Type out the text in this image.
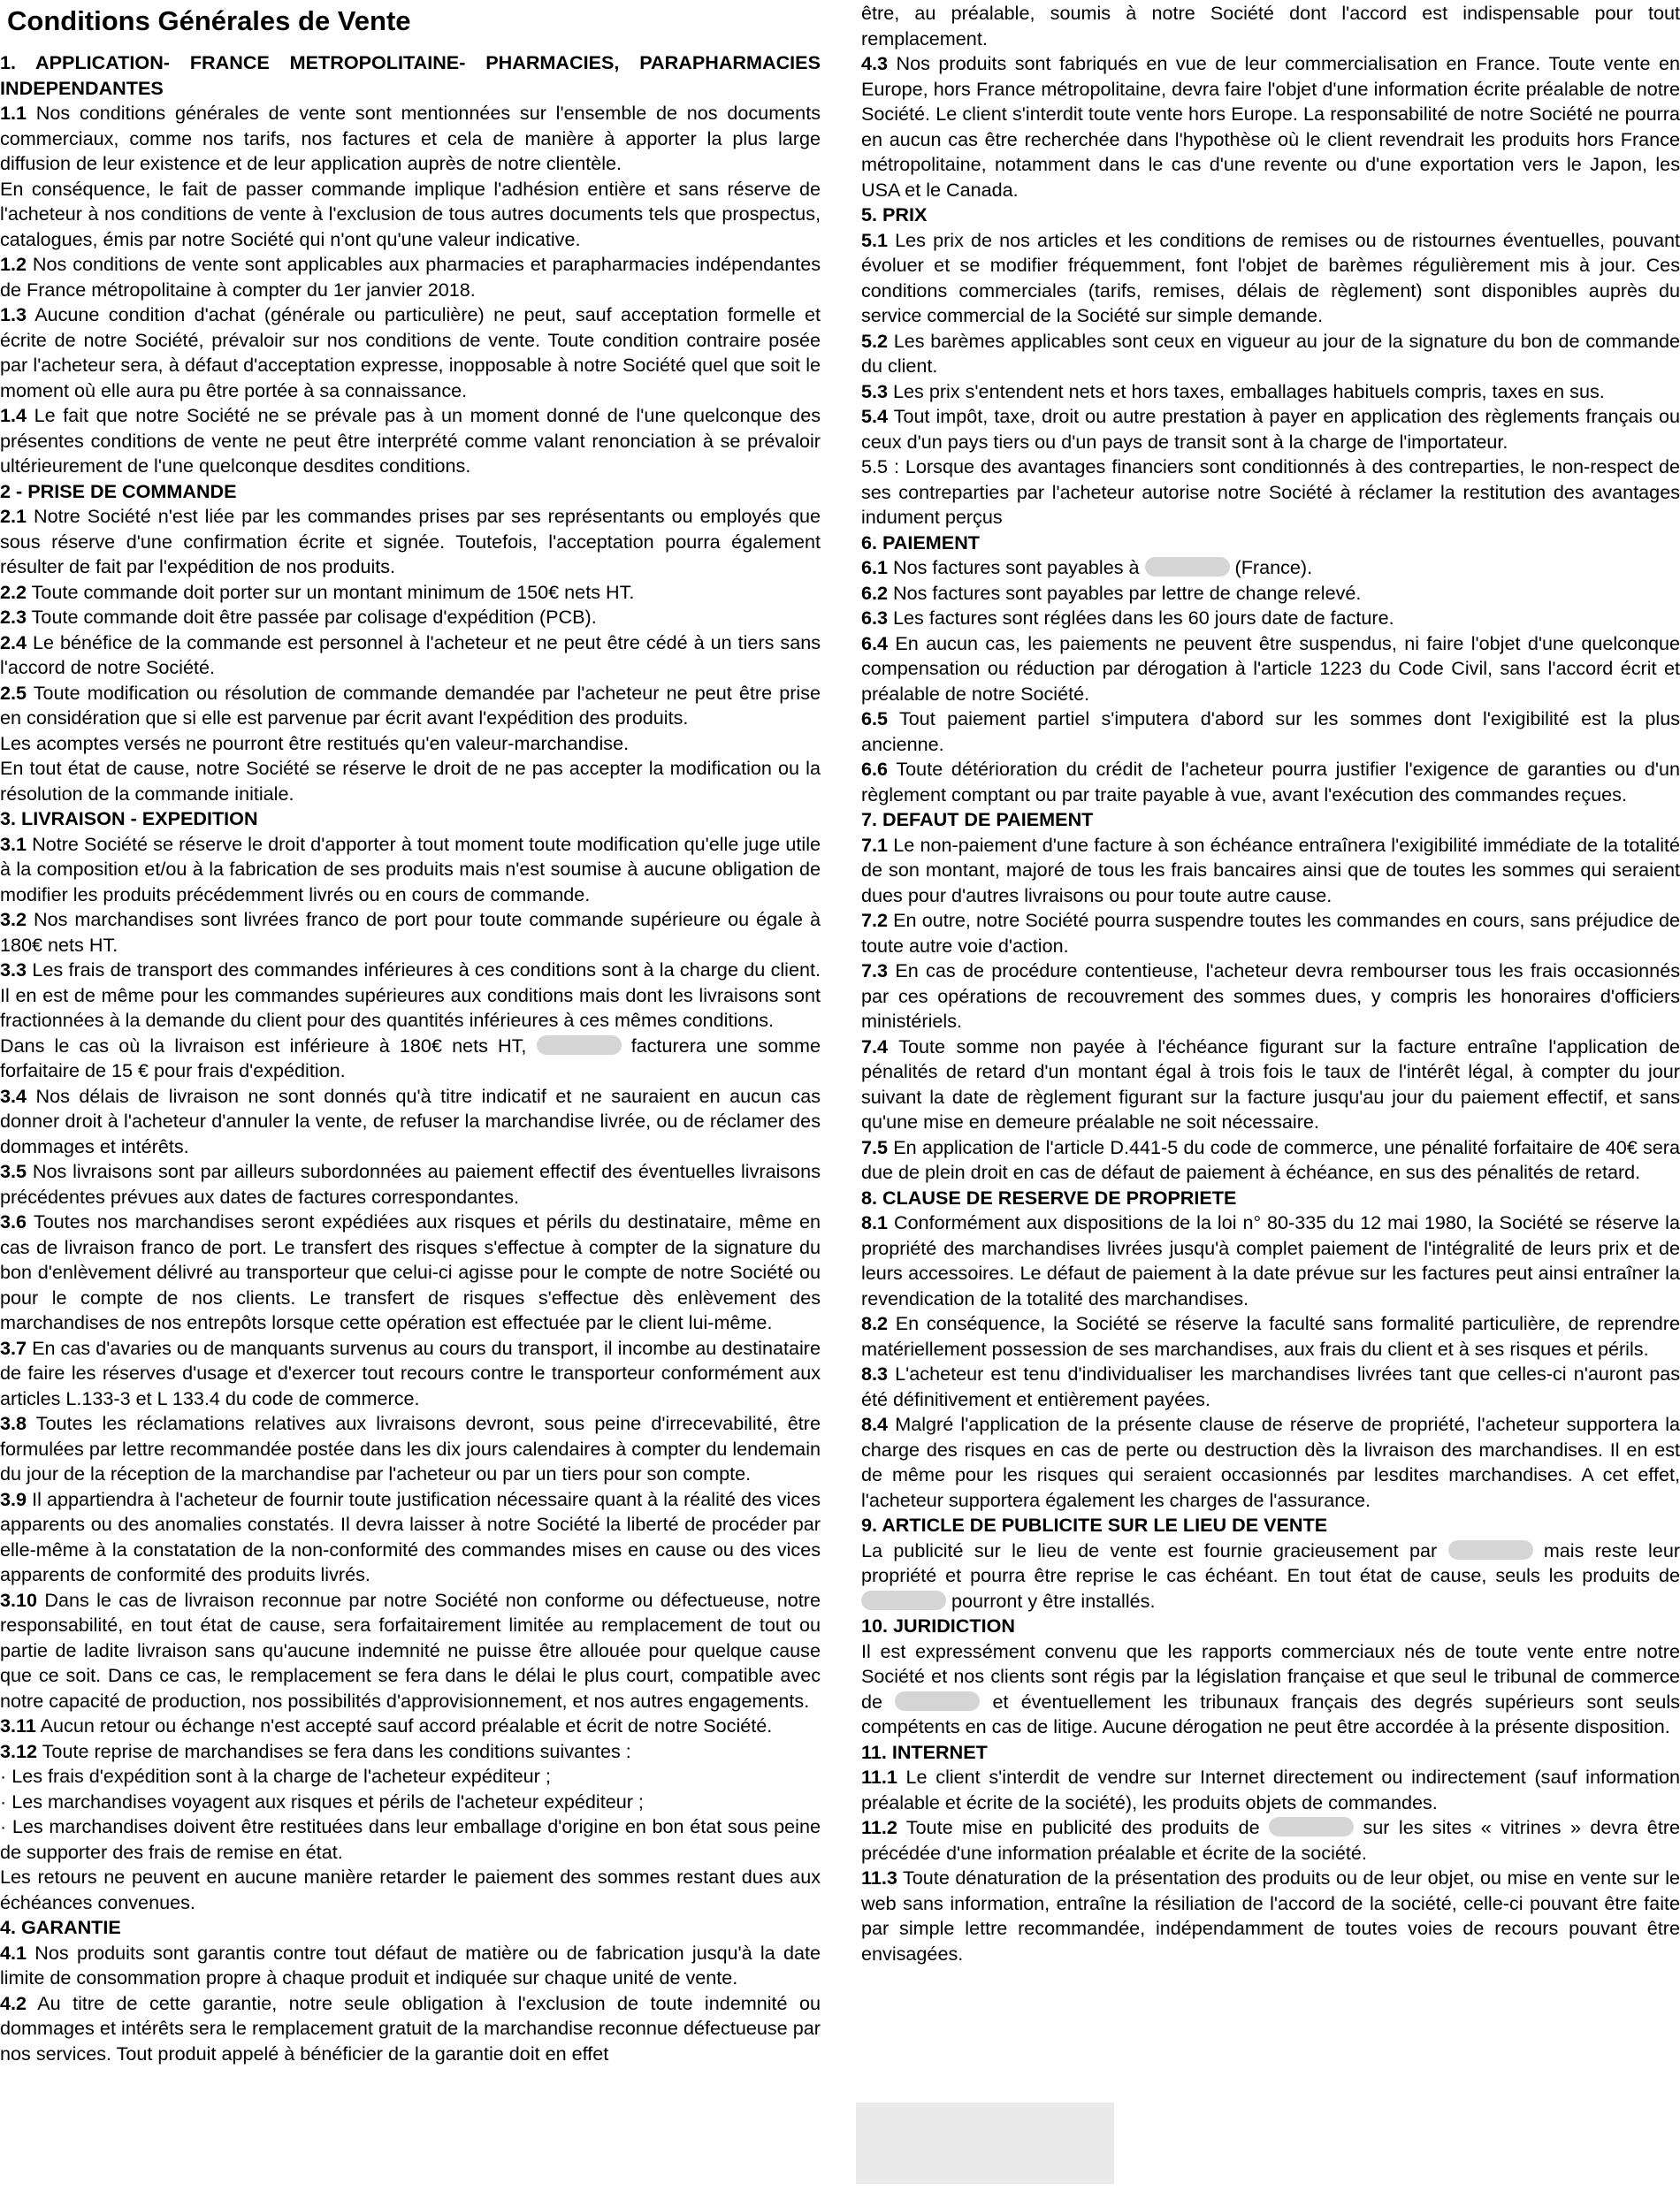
Conditions Générales de Vente
1. APPLICATION- FRANCE METROPOLITAINE- PHARMACIES, PARAPHARMACIES INDEPENDANTES
1.1 Nos conditions générales de vente sont mentionnées sur l'ensemble de nos documents commerciaux, comme nos tarifs, nos factures et cela de manière à apporter la plus large diffusion de leur existence et de leur application auprès de notre clientèle.
En conséquence, le fait de passer commande implique l'adhésion entière et sans réserve de l'acheteur à nos conditions de vente à l'exclusion de tous autres documents tels que prospectus, catalogues, émis par notre Société qui n'ont qu'une valeur indicative.
1.2 Nos conditions de vente sont applicables aux pharmacies et parapharmacies indépendantes de France métropolitaine à compter du 1er janvier 2018.
1.3 Aucune condition d'achat (générale ou particulière) ne peut, sauf acceptation formelle et écrite de notre Société, prévaloir sur nos conditions de vente. Toute condition contraire posée par l'acheteur sera, à défaut d'acceptation expresse, inopposable à notre Société quel que soit le moment où elle aura pu être portée à sa connaissance.
1.4 Le fait que notre Société ne se prévale pas à un moment donné de l'une quelconque des présentes conditions de vente ne peut être interprété comme valant renonciation à se prévaloir ultérieurement de l'une quelconque desdites conditions.
2 - PRISE DE COMMANDE
2.1 Notre Société n'est liée par les commandes prises par ses représentants ou employés que sous réserve d'une confirmation écrite et signée. Toutefois, l'acceptation pourra également résulter de fait par l'expédition de nos produits.
2.2 Toute commande doit porter sur un montant minimum de 150€ nets HT.
2.3 Toute commande doit être passée par colisage d'expédition (PCB).
2.4 Le bénéfice de la commande est personnel à l'acheteur et ne peut être cédé à un tiers sans l'accord de notre Société.
2.5 Toute modification ou résolution de commande demandée par l'acheteur ne peut être prise en considération que si elle est parvenue par écrit avant l'expédition des produits.
Les acomptes versés ne pourront être restitués qu'en valeur-marchandise.
En tout état de cause, notre Société se réserve le droit de ne pas accepter la modification ou la résolution de la commande initiale.
3. LIVRAISON - EXPEDITION
3.1 Notre Société se réserve le droit d'apporter à tout moment toute modification qu'elle juge utile à la composition et/ou à la fabrication de ses produits mais n'est soumise à aucune obligation de modifier les produits précédemment livrés ou en cours de commande.
3.2 Nos marchandises sont livrées franco de port pour toute commande supérieure ou égale à 180€ nets HT.
3.3 Les frais de transport des commandes inférieures à ces conditions sont à la charge du client. Il en est de même pour les commandes supérieures aux conditions mais dont les livraisons sont fractionnées à la demande du client pour des quantités inférieures à ces mêmes conditions.
Dans le cas où la livraison est inférieure à 180€ nets HT,	facturera une somme forfaitaire de 15 € pour frais d'expédition.
3.4 Nos délais de livraison ne sont donnés qu'à titre indicatif et ne sauraient en aucun cas donner droit à l'acheteur d'annuler la vente, de refuser la marchandise livrée, ou de réclamer des dommages et intérêts.
3.5 Nos livraisons sont par ailleurs subordonnées au paiement effectif des éventuelles livraisons précédentes prévues aux dates de factures correspondantes.
3.6 Toutes nos marchandises seront expédiées aux risques et périls du destinataire, même en cas de livraison franco de port. Le transfert des risques s'effectue à compter de la signature du bon d'enlèvement délivré au transporteur que celui-ci agisse pour le compte de notre Société ou pour le compte de nos clients. Le transfert de risques s'effectue dès enlèvement des marchandises de nos entrepôts lorsque cette opération est effectuée par le client lui-même.
3.7 En cas d'avaries ou de manquants survenus au cours du transport, il incombe au destinataire de faire les réserves d'usage et d'exercer tout recours contre le transporteur conformément aux articles L.133-3 et L 133.4 du code de commerce.
3.8 Toutes les réclamations relatives aux livraisons devront, sous peine d'irrecevabilité, être formulées par lettre recommandée postée dans les dix jours calendaires à compter du lendemain du jour de la réception de la marchandise par l'acheteur ou par un tiers pour son compte.
3.9 Il appartiendra à l'acheteur de fournir toute justification nécessaire quant à la réalité des vices apparents ou des anomalies constatés. Il devra laisser à notre Société la liberté de procéder par elle-même à la constatation de la non-conformité des commandes mises en cause ou des vices apparents de conformité des produits livrés.
3.10 Dans le cas de livraison reconnue par notre Société non conforme ou défectueuse, notre responsabilité, en tout état de cause, sera forfaitairement limitée au remplacement de tout ou partie de ladite livraison sans qu'aucune indemnité ne puisse être allouée pour quelque cause que ce soit. Dans ce cas, le remplacement se fera dans le délai le plus court, compatible avec notre capacité de production, nos possibilités d'approvisionnement, et nos autres engagements.
3.11 Aucun retour ou échange n'est accepté sauf accord préalable et écrit de notre Société.
3.12 Toute reprise de marchandises se fera dans les conditions suivantes :
· Les frais d'expédition sont à la charge de l'acheteur expéditeur ;
· Les marchandises voyagent aux risques et périls de l'acheteur expéditeur ;
· Les marchandises doivent être restituées dans leur emballage d'origine en bon état sous peine de supporter des frais de remise en état.
Les retours ne peuvent en aucune manière retarder le paiement des sommes restant dues aux échéances convenues.
4. GARANTIE
4.1 Nos produits sont garantis contre tout défaut de matière ou de fabrication jusqu'à la date limite de consommation propre à chaque produit et indiquée sur chaque unité de vente.
4.2 Au titre de cette garantie, notre seule obligation à l'exclusion de toute indemnité ou dommages et intérêts sera le remplacement gratuit de la marchandise reconnue défectueuse par nos services. Tout produit appelé à bénéficier de la garantie doit en effet
être, au préalable, soumis à notre Société dont l'accord est indispensable pour tout remplacement.
4.3 Nos produits sont fabriqués en vue de leur commercialisation en France. Toute vente en Europe, hors France métropolitaine, devra faire l'objet d'une information écrite préalable de notre Société. Le client s'interdit toute vente hors Europe. La responsabilité de notre Société ne pourra en aucun cas être recherchée dans l'hypothèse où le client revendrait les produits hors France métropolitaine, notamment dans le cas d'une revente ou d'une exportation vers le Japon, les USA et le Canada.
5. PRIX
5.1 Les prix de nos articles et les conditions de remises ou de ristournes éventuelles, pouvant évoluer et se modifier fréquemment, font l'objet de barèmes régulièrement mis à jour. Ces conditions commerciales (tarifs, remises, délais de règlement) sont disponibles auprès du service commercial de la Société sur simple demande.
5.2 Les barèmes applicables sont ceux en vigueur au jour de la signature du bon de commande du client.
5.3 Les prix s'entendent nets et hors taxes, emballages habituels compris, taxes en sus.
5.4 Tout impôt, taxe, droit ou autre prestation à payer en application des règlements français ou ceux d'un pays tiers ou d'un pays de transit sont à la charge de l'importateur.
5.5 : Lorsque des avantages financiers sont conditionnés à des contreparties, le non-respect de ses contreparties par l'acheteur autorise notre Société à réclamer la restitution des avantages indument perçus
6. PAIEMENT
6.1 Nos factures sont payables à	(France).
6.2 Nos factures sont payables par lettre de change relevé.
6.3 Les factures sont réglées dans les 60 jours date de facture.
6.4 En aucun cas, les paiements ne peuvent être suspendus, ni faire l'objet d'une quelconque compensation ou réduction par dérogation à l'article 1223 du Code Civil, sans l'accord écrit et préalable de notre Société.
6.5 Tout paiement partiel s'imputera d'abord sur les sommes dont l'exigibilité est la plus ancienne.
6.6 Toute détérioration du crédit de l'acheteur pourra justifier l'exigence de garanties ou d'un règlement comptant ou par traite payable à vue, avant l'exécution des commandes reçues.
7. DEFAUT DE PAIEMENT
7.1 Le non-paiement d'une facture à son échéance entraînera l'exigibilité immédiate de la totalité de son montant, majoré de tous les frais bancaires ainsi que de toutes les sommes qui seraient dues pour d'autres livraisons ou pour toute autre cause.
7.2 En outre, notre Société pourra suspendre toutes les commandes en cours, sans préjudice de toute autre voie d'action.
7.3 En cas de procédure contentieuse, l'acheteur devra rembourser tous les frais occasionnés par ces opérations de recouvrement des sommes dues, y compris les honoraires d'officiers ministériels.
7.4 Toute somme non payée à l'échéance figurant sur la facture entraîne l'application de pénalités de retard d'un montant égal à trois fois le taux de l'intérêt légal, à compter du jour suivant la date de règlement figurant sur la facture jusqu'au jour du paiement effectif, et sans qu'une mise en demeure préalable ne soit nécessaire.
7.5 En application de l'article D.441-5 du code de commerce, une pénalité forfaitaire de 40€ sera due de plein droit en cas de défaut de paiement à échéance, en sus des pénalités de retard.
8. CLAUSE DE RESERVE DE PROPRIETE
8.1 Conformément aux dispositions de la loi n° 80-335 du 12 mai 1980, la Société se réserve la propriété des marchandises livrées jusqu'à complet paiement de l'intégralité de leurs prix et de leurs accessoires. Le défaut de paiement à la date prévue sur les factures peut ainsi entraîner la revendication de la totalité des marchandises.
8.2 En conséquence, la Société se réserve la faculté sans formalité particulière, de reprendre matériellement possession de ses marchandises, aux frais du client et à ses risques et périls.
8.3 L'acheteur est tenu d'individualiser les marchandises livrées tant que celles-ci n'auront pas été définitivement et entièrement payées.
8.4 Malgré l'application de la présente clause de réserve de propriété, l'acheteur supportera la charge des risques en cas de perte ou destruction dès la livraison des marchandises. Il en est de même pour les risques qui seraient occasionnés par lesdites marchandises. A cet effet, l'acheteur supportera également les charges de l'assurance.
9. ARTICLE DE PUBLICITE SUR LE LIEU DE VENTE
La publicité sur le lieu de vente est fournie gracieusement par	mais reste leur propriété et pourra être reprise le cas échéant. En tout état de cause, seuls les produits de  pourront y être installés.
10. JURIDICTION
Il est expressément convenu que les rapports commerciaux nés de toute vente entre notre Société et nos clients sont régis par la législation française et que seul le tribunal de commerce de	et éventuellement les tribunaux français des degrés supérieurs sont seuls compétents en cas de litige. Aucune dérogation ne peut être accordée à la présente disposition.
11. INTERNET
11.1 Le client s'interdit de vendre sur Internet directement ou indirectement (sauf information préalable et écrite de la société), les produits objets de commandes.
11.2 Toute mise en publicité des produits de	sur les sites « vitrines » devra être précédée d'une information préalable et écrite de la société.
11.3 Toute dénaturation de la présentation des produits ou de leur objet, ou mise en vente sur le web sans information, entraîne la résiliation de l'accord de la société, celle-ci pouvant être faite par simple lettre recommandée, indépendamment de toutes voies de recours pouvant être envisagées.
